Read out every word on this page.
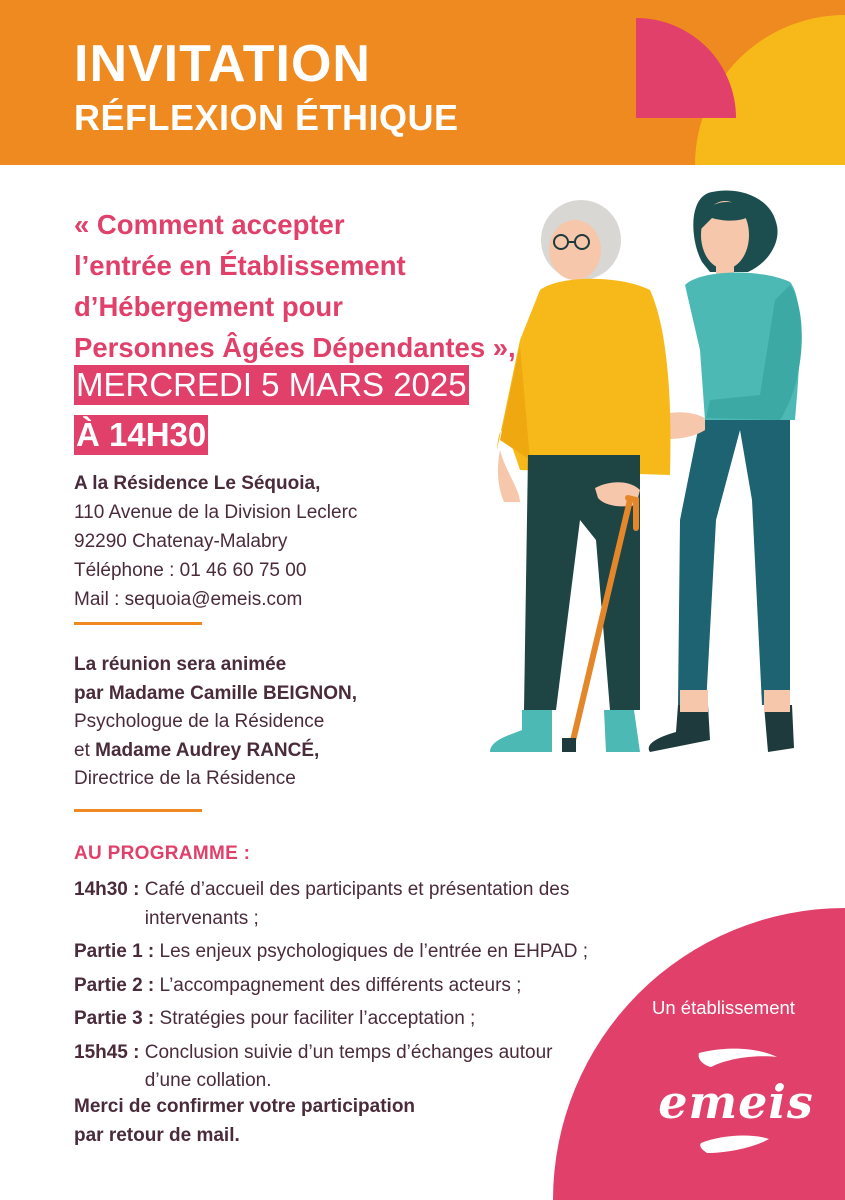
INVITATION
RÉFLEXION ÉTHIQUE
« Comment accepter
l’entrée en Établissement
d’Hébergement pour
Personnes Âgées Dépendantes »,
MERCREDI 5 MARS 2025
À 14H30
A la Résidence Le Séquoia,
110 Avenue de la Division Leclerc
92290 Chatenay-Malabry
Téléphone : 01 46 60 75 00
Mail : sequoia@emeis.com
La réunion sera animée
par Madame Camille BEIGNON,
Psychologue de la Résidence
et Madame Audrey RANCÉ,
Directrice de la Résidence
AU PROGRAMME :
14h30 : Café d’accueil des participants et présentation des intervenants ;
Partie 1 : Les enjeux psychologiques de l’entrée en EHPAD ;
Partie 2 : L’accompagnement des différents acteurs ;
Partie 3 : Stratégies pour faciliter l’acceptation ;
15h45 : Conclusion suivie d’un temps d’échanges autour d’une collation.
Merci de confirmer votre participation
par retour de mail.
Un établissement
emeis
